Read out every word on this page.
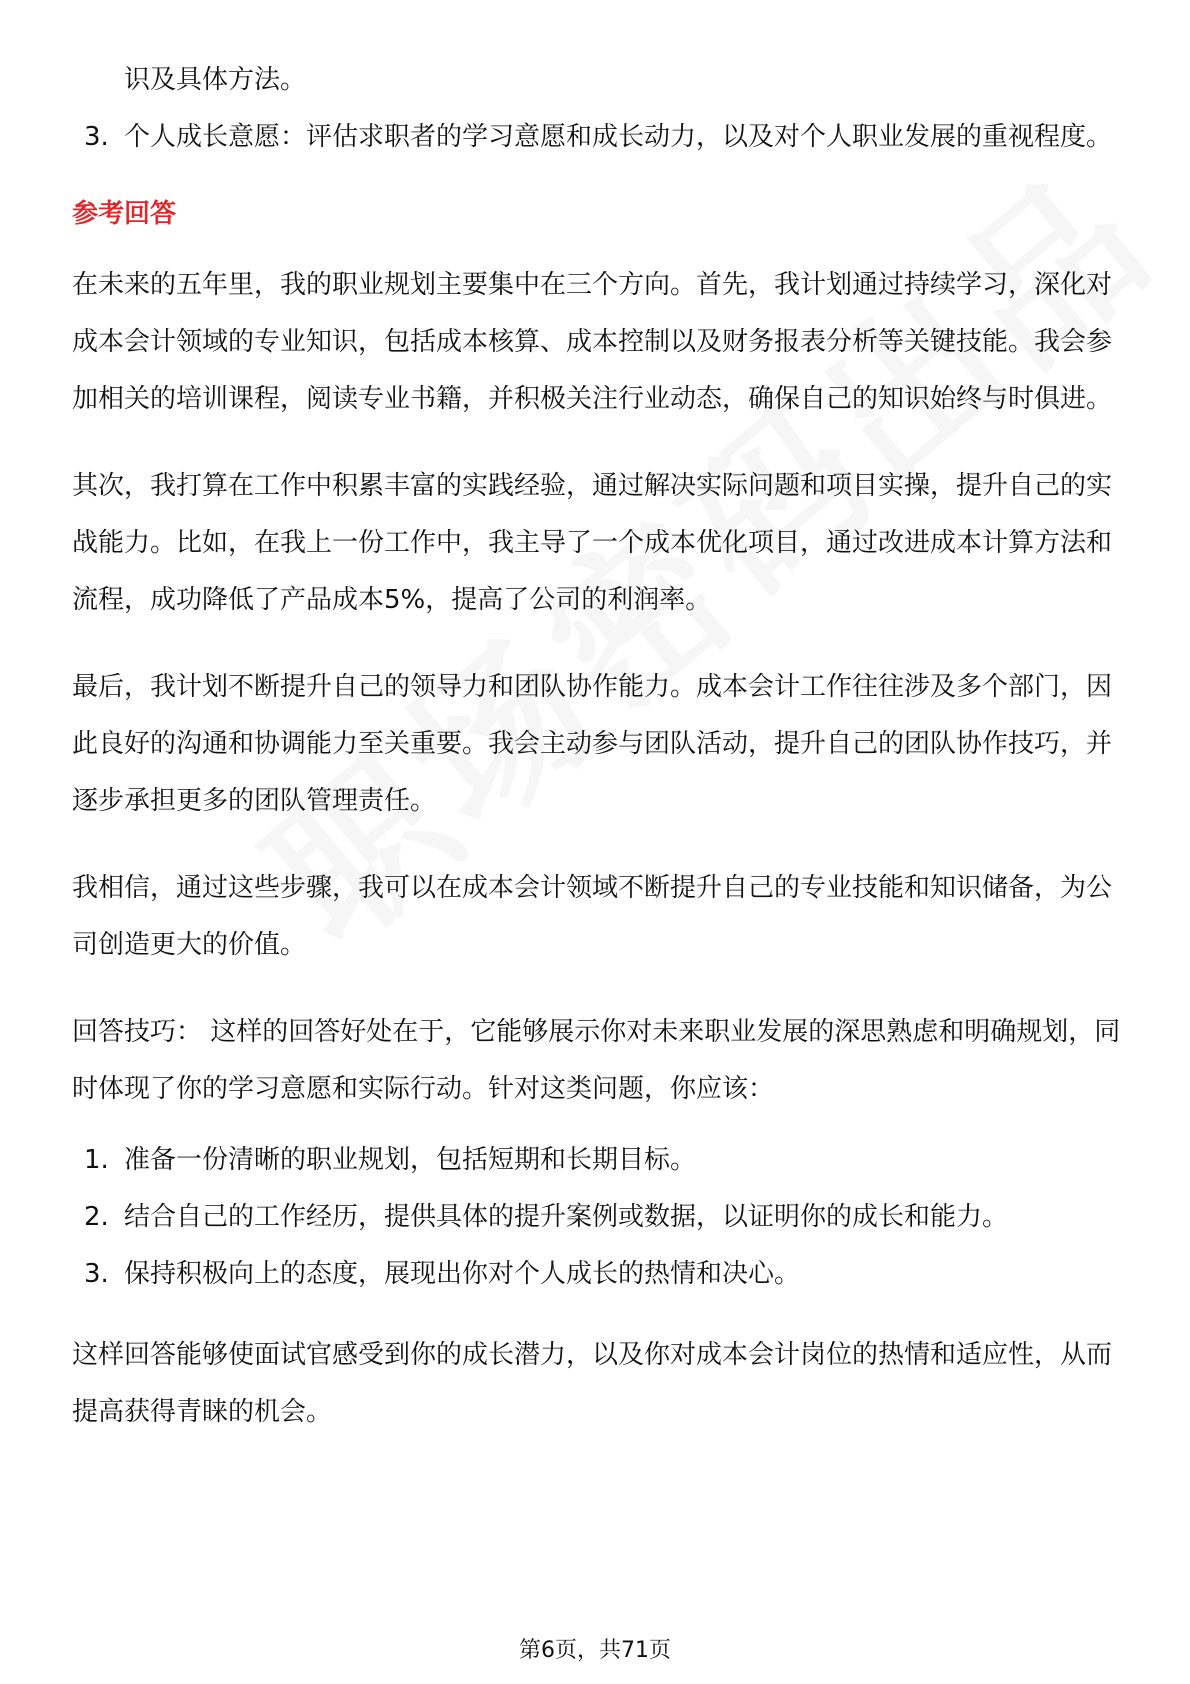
识及具体方法。
3. 个人成长意愿：评估求职者的学习意愿和成长动力，以及对个人职业发展的重视程度。
参考回答

在未来的五年里，我的职业规划主要集中在三个方向。首先，我计划通过持续学习，深化对成本会计领域的专业知识，包括成本核算、成本控制以及财务报表分析等关键技能。我会参加相关的培训课程，阅读专业书籍，并积极关注行业动态，确保自己的知识始终与时俱进。

其次，我打算在工作中积累丰富的实践经验，通过解决实际问题和项目实操，提升自己的实战能力。比如，在我上一份工作中，我主导了一个成本优化项目，通过改进成本计算方法和流程，成功降低了产品成本5%，提高了公司的利润率。

最后，我计划不断提升自己的领导力和团队协作能力。成本会计工作往往涉及多个部门，因此良好的沟通和协调能力至关重要。我会主动参与团队活动，提升自己的团队协作技巧，并逐步承担更多的团队管理责任。

我相信，通过这些步骤，我可以在成本会计领域不断提升自己的专业技能和知识储备，为公司创造更大的价值。

回答技巧： 这样的回答好处在于，它能够展示你对未来职业发展的深思熟虑和明确规划，同时体现了你的学习意愿和实际行动。针对这类问题，你应该：

1. 准备一份清晰的职业规划，包括短期和长期目标。
2. 结合自己的工作经历，提供具体的提升案例或数据，以证明你的成长和能力。
3. 保持积极向上的态度，展现出你对个人成长的热情和决心。

这样回答能够使面试官感受到你的成长潜力，以及你对成本会计岗位的热情和适应性，从而提高获得青睐的机会。

第6页，共71页
